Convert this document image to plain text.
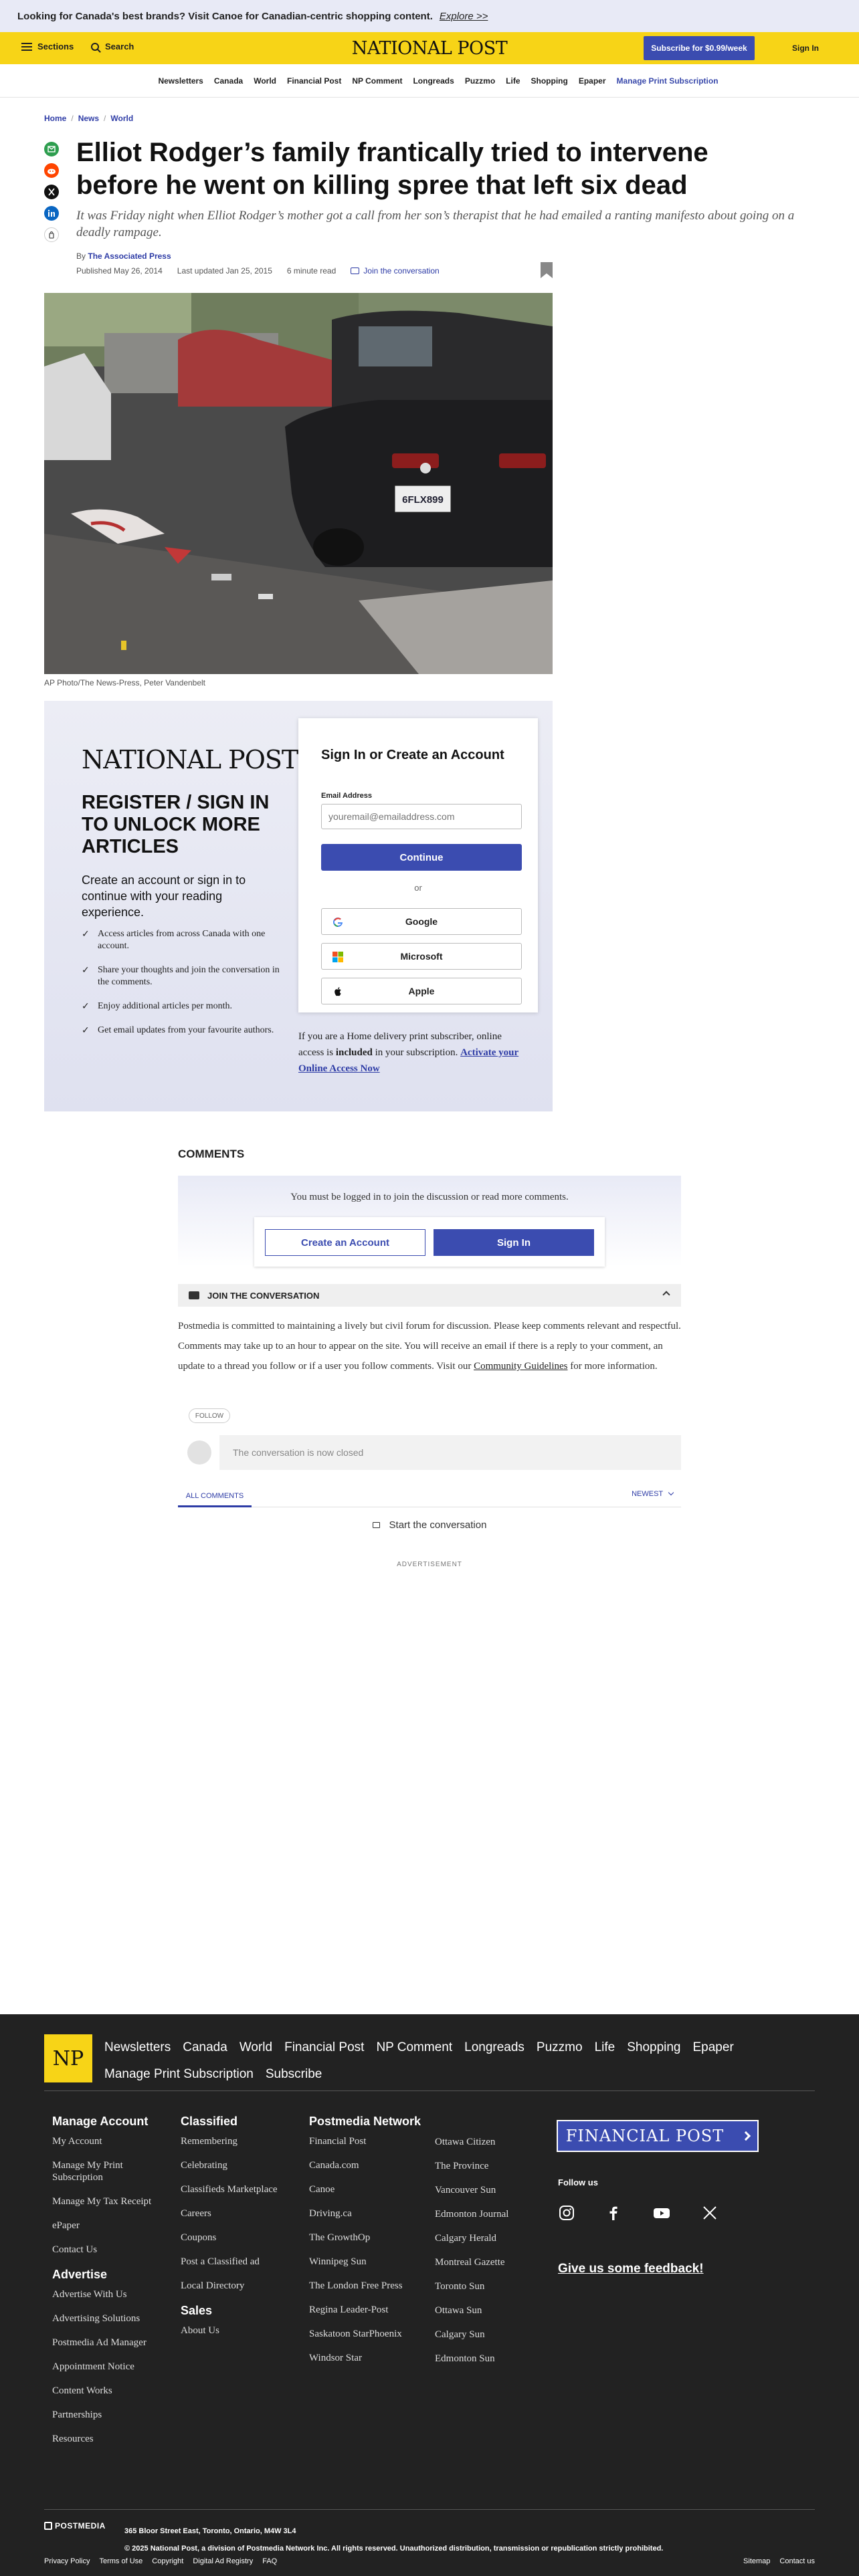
Looking for Canada's best brands? Visit Canoe for Canadian-centric shopping content. Explore >>
Sections	Search	NATIONAL POST	Subscribe for $0.99/week	Sign In
Newsletters Canada World Financial Post NP Comment Longreads Puzzmo Life Shopping Epaper Manage Print Subscription
Home / News / World
Elliot Rodger’s family frantically tried to intervene before he went on killing spree that left six dead

It was Friday night when Elliot Rodger’s mother got a call from her son’s therapist that he had emailed a ranting manifesto about going on a deadly rampage.

By The Associated Press
Published May 26, 2014 Last updated Jan 25, 2015 6 minute read	Join the conversation
6FLX899
AP Photo/The News-Press, Peter Vandenbelt
NATIONAL POST
REGISTER / SIGN IN TO UNLOCK MORE ARTICLES
Create an account or sign in to continue with your reading experience.
✓ Access articles from across Canada with one account.
✓ Share your thoughts and join the conversation in the comments.
✓ Enjoy additional articles per month.
✓ Get email updates from your favourite authors.
Sign In or Create an Account
Email Address
youremail@emailaddress.com
Continue
or
Google
Microsoft
Apple

If you are a Home delivery print subscriber, online access is included in your subscription. Activate your Online Access Now

COMMENTS
You must be logged in to join the discussion or read more comments.
Create an Account	Sign In
JOIN THE CONVERSATION

Postmedia is committed to maintaining a lively but civil forum for discussion. Please keep comments relevant and respectful. Comments may take up to an hour to appear on the site. You will receive an email if there is a reply to your comment, an update to a thread you follow or if a user you follow comments. Visit our Community Guidelines for more information.

FOLLOW
The conversation is now closed
ALL COMMENTS	NEWEST
Start the conversation
ADVERTISEMENT
NP	Newsletters Canada World Financial Post NP Comment Longreads Puzzmo Life Shopping Epaper
Manage Print Subscription Subscribe
Manage Account
My Account
Manage My Print Subscription
Manage My Tax Receipt
ePaper
Contact Us
Advertise
Advertise With Us
Advertising Solutions
Postmedia Ad Manager
Appointment Notice
Content Works
Partnerships
Resources
Classified
Remembering
Celebrating
Classifieds Marketplace
Careers
Coupons
Post a Classified ad
Local Directory
Sales
About Us
Postmedia Network
Financial Post
Canada.com
Canoe
Driving.ca
The GrowthOp
Winnipeg Sun
The London Free Press
Regina Leader-Post
Saskatoon StarPhoenix
Windsor Star
Ottawa Citizen
The Province
Vancouver Sun
Edmonton Journal
Calgary Herald
Montreal Gazette
Toronto Sun
Ottawa Sun
Calgary Sun
Edmonton Sun
FINANCIAL POST
Follow us
Give us some feedback!
POSTMEDIA
365 Bloor Street East, Toronto, Ontario, M4W 3L4
© 2025 National Post, a division of Postmedia Network Inc. All rights reserved. Unauthorized distribution, transmission or republication strictly prohibited.
Privacy Policy Terms of Use Copyright Digital Ad Registry FAQ	Sitemap Contact us
